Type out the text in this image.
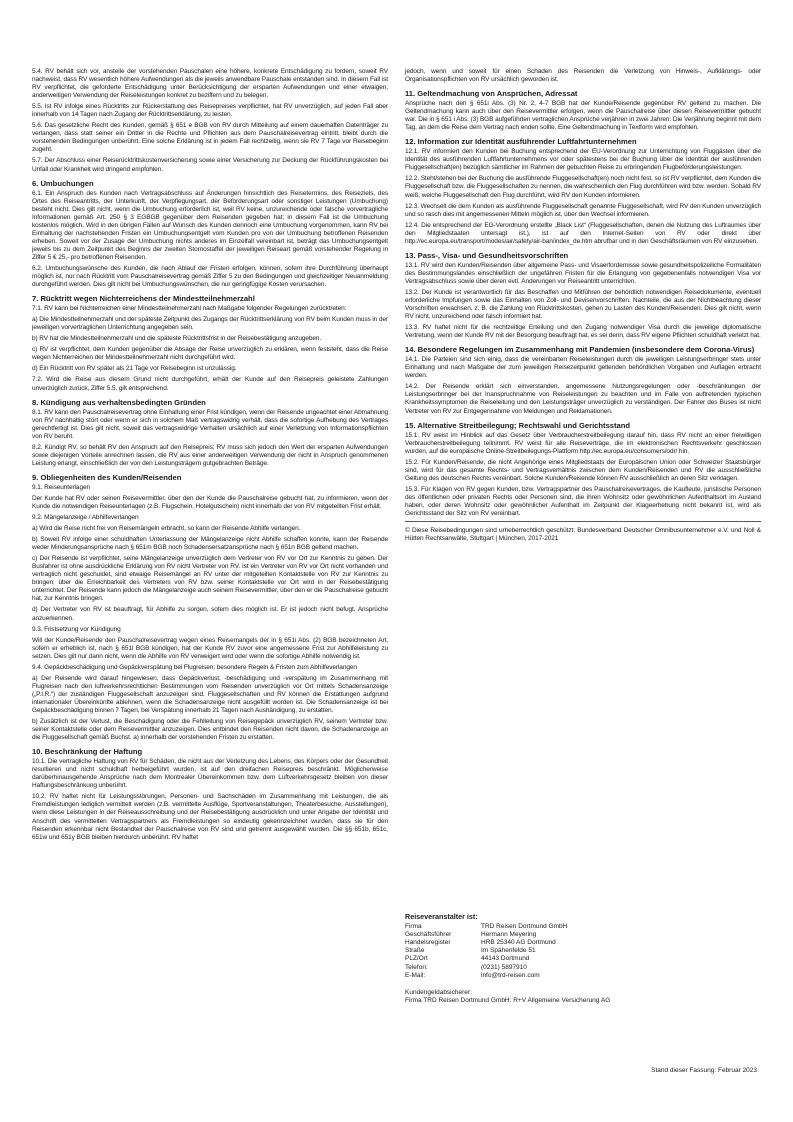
5.4. RV behält sich vor, anstelle der vorstehenden Pauschalen eine höhere, konkrete Entschädigung zu fordern, soweit RV nachweist, dass RV wesentlich höhere Aufwendungen als die jeweils anwendbare Pauschale entstanden sind. In diesem Fall ist RV verpflichtet, die geforderte Entschädigung unter Berücksichtigung der ersparten Aufwendungen und einer etwaigen, anderweitigen Verwendung der Reiseleistungen konkret zu beziffern und zu belegen.

5.5. Ist RV infolge eines Rücktritts zur Rückerstattung des Reisepreises verpflichtet, hat RV unverzüglich, auf jeden Fall aber innerhalb von 14 Tagen nach Zugang der Rücktrittserklärung, zu leisten.

5.6. Das gesetzliche Recht des Kunden, gemäß § 651 e BGB von RV durch Mitteilung auf einem dauerhaften Datenträger zu verlangen, dass statt seiner ein Dritter in die Rechte und Pflichten aus dem Pauschalreisevertrag eintritt, bleibt durch die vorstehenden Bedingungen unberührt. Eine solche Erklärung ist in jedem Fall rechtzeitig, wenn sie RV 7 Tage vor Reisebeginn zugeht.

5.7. Der Abschluss einer Reiserücktrittskostenversicherung sowie einer Versicherung zur Deckung der Rückführungskosten bei Unfall oder Krankheit wird dringend empfohlen.

6. Umbuchungen

6.1. Ein Anspruch des Kunden nach Vertragsabschluss auf Änderungen hinsichtlich des Reisetermins, des Reiseziels, des Ortes des Reiseantritts, der Unterkunft, der Verpflegungsart, der Beförderungsart oder sonstiger Leistungen (Umbuchung) besteht nicht. Dies gilt nicht, wenn die Umbuchung erforderlich ist, weil RV keine, unzureichende oder falsche vorvertragliche Informationen gemäß Art. 250 § 3 EGBGB gegenüber dem Reisenden gegeben hat; in diesem Fall ist die Umbuchung kostenlos möglich. Wird in den übrigen Fällen auf Wunsch des Kunden dennoch eine Umbuchung vorgenommen, kann RV bei Einhaltung der nachstehenden Fristen ein Umbuchungsentgelt vom Kunden pro von der Umbuchung betroffenen Reisenden erheben. Soweit vor der Zusage der Umbuchung nichts anderes im Einzelfall vereinbart ist, beträgt das Umbuchungsentgelt jeweils bis zu dem Zeitpunkt des Beginns der zweiten Stornostaffel der jeweiligen Reiseart gemäß vorstehender Regelung in Ziffer 5 € 25,- pro betroffenen Reisenden.

6.2. Umbuchungswünsche des Kunden, die nach Ablauf der Fristen erfolgen, können, sofern ihre Durchführung überhaupt möglich ist, nur nach Rücktritt vom Pauschalreisevertrag gemäß Ziffer 5 zu den Bedingungen und gleichzeitiger Neuanmeldung durchgeführt werden. Dies gilt nicht bei Umbuchungswünschen, die nur geringfügige Kosten verursachen.

7. Rücktritt wegen Nichterreichens der Mindestteilnehmerzahl

7.1. RV kann bei Nichterreichen einer Mindestteilnehmerzahl nach Maßgabe folgender Regelungen zurücktreten:

a) Die Mindestteilnehmerzahl und der späteste Zeitpunkt des Zugangs der Rücktrittserklärung von RV beim Kunden muss in der jeweiligen vorvertraglichen Unterrichtung angegeben sein.

b) RV hat die Mindestteilnehmerzahl und die späteste Rücktrittsfrist in der Reisebestätigung anzugeben.

c) RV ist verpflichtet, dem Kunden gegenüber die Absage der Reise unverzüglich zu erklären, wenn feststeht, dass die Reise wegen Nichterreichen der Mindestteilnehmerzahl nicht durchgeführt wird.

d) Ein Rücktritt von RV später als 21 Tage vor Reisebeginn ist unzulässig.

7.2. Wird die Reise aus diesem Grund nicht durchgeführt, erhält der Kunde auf den Reisepreis geleistete Zahlungen unverzüglich zurück, Ziffer 5.5. gilt entsprechend.

8. Kündigung aus verhaltensbedingten Gründen

8.1. RV kann den Pauschalreisevertrag ohne Einhaltung einer Frist kündigen, wenn der Reisende ungeachtet einer Abmahnung von RV nachhaltig stört oder wenn er sich in solchem Maß vertragswidrig verhält, dass die sofortige Aufhebung des Vertrages gerechtfertigt ist. Dies gilt nicht, soweit das vertragswidrige Verhalten ursächlich auf einer Verletzung von Informationspflichten von RV beruht.

8.2. Kündigt RV, so behält RV den Anspruch auf den Reisepreis; RV muss sich jedoch den Wert der ersparten Aufwendungen sowie diejenigen Vorteile anrechnen lassen, die RV aus einer anderweitigen Verwendung der nicht in Anspruch genommenen Leistung erlangt, einschließlich der von den Leistungsträgern gutgebrachten Beträge.

9. Obliegenheiten des Kunden/Reisenden

9.1. Reiseunterlagen

Der Kunde hat RV oder seinen Reisevermittler, über den der Kunde die Pauschalreise gebucht hat, zu informieren, wenn der Kunde die notwendigen Reiseunterlagen (z.B. Flugschein, Hotelgutschein) nicht innerhalb der von RV mitgeteilten Frist erhält.

9.2. Mängelanzeige / Abhilfeverlangen

a) Wird die Reise nicht frei von Reisemängeln erbracht, so kann der Reisende Abhilfe verlangen.

b) Soweit RV infolge einer schuldhaften Unterlassung der Mängelanzeige nicht Abhilfe schaffen konnte, kann der Reisende weder Minderungsansprüche nach § 651m BGB noch Schadensersatzansprüche nach § 651n BGB geltend machen.

c) Der Reisende ist verpflichtet, seine Mängelanzeige unverzüglich dem Vertreter von RV vor Ort zur Kenntnis zu geben. Der Busfahrer ist ohne ausdrückliche Erklärung von RV nicht Vertreter von RV. Ist ein Vertreter von RV vor Ort nicht vorhanden und vertraglich nicht geschuldet, sind etwaige Reisemängel an RV unter der mitgeteilten Kontaktstelle von RV zur Kenntnis zu bringen; über die Erreichbarkeit des Vertreters von RV bzw. seiner Kontaktstelle vor Ort wird in der Reisebestätigung unterrichtet. Der Reisende kann jedoch die Mängelanzeige auch seinem Reisevermittler, über den er die Pauschalreise gebucht hat, zur Kenntnis bringen.

d) Der Vertreter von RV ist beauftragt, für Abhilfe zu sorgen, sofern dies möglich ist. Er ist jedoch nicht befugt, Ansprüche anzuerkennen.

9.3. Fristsetzung vor Kündigung

Will der Kunde/Reisende den Pauschalreisevertrag wegen eines Reisemangels der in § 651i Abs. (2) BGB bezeichneten Art, sofern er erheblich ist, nach § 651l BGB kündigen, hat der Kunde RV zuvor eine angemessene Frist zur Abhilfeleistung zu setzen. Dies gilt nur dann nicht, wenn die Abhilfe von RV verweigert wird oder wenn die sofortige Abhilfe notwendig ist.

9.4. Gepäckbeschädigung und Gepäckverspätung bei Flugreisen; besondere Regeln & Fristen zum Abhilfeverlangen

a) Der Reisende wird darauf hingewiesen, dass Gepäckverlust, -beschädigung und -verspätung im Zusammenhang mit Flugreisen nach den luftverkehrsrechtlichen Bestimmungen vom Reisenden unverzüglich vor Ort mittels Schadensanzeige („P.I.R.“) der zuständigen Fluggesellschaft anzuzeigen sind. Fluggesellschaften und RV können die Erstattungen aufgrund internationaler Übereinkünfte ablehnen, wenn die Schadensanzeige nicht ausgefüllt worden ist. Die Schadensanzeige ist bei Gepäckbeschädigung binnen 7 Tagen, bei Verspätung innerhalb 21 Tagen nach Aushändigung, zu erstatten.

b) Zusätzlich ist der Verlust, die Beschädigung oder die Fehlleitung von Reisegepäck unverzüglich RV, seinem Vertreter bzw. seiner Kontaktstelle oder dem Reisevermittler anzuzeigen. Dies entbindet den Reisenden nicht davon, die Schadenanzeige an die Fluggesellschaft gemäß Buchst. a) innerhalb der vorstehenden Fristen zu erstatten.

10. Beschränkung der Haftung

10.1. Die vertragliche Haftung von RV für Schäden, die nicht aus der Verletzung des Lebens, des Körpers oder der Gesundheit resultieren und nicht schuldhaft herbeigeführt wurden, ist auf den dreifachen Reisepreis beschränkt. Möglicherweise darüberhinausgehende Ansprüche nach dem Montrealer Übereinkommen bzw. dem Luftverkehrsgesetz bleiben von dieser Haftungsbeschränkung unberührt.

10.2. RV haftet nicht für Leistungsstörungen, Personen- und Sachschäden im Zusammenhang mit Leistungen, die als Fremdleistungen lediglich vermittelt werden (z.B. vermittelte Ausflüge, Sportveranstaltungen, Theaterbesuche, Ausstellungen), wenn diese Leistungen in der Reiseausschreibung und der Reisebestätigung ausdrücklich und unter Angabe der Identität und Anschrift des vermittelten Vertragspartners als Fremdleistungen so eindeutig gekennzeichnet wurden, dass sie für den Reisenden erkennbar nicht Bestandteil der Pauschalreise von RV sind und getrennt ausgewählt wurden. Die §§ 651b, 651c, 651w und 651y BGB bleiben hierdurch unberührt. RV haftet

jedoch, wenn und soweit für einen Schaden des Reisenden die Verletzung von Hinweis-, Aufklärungs- oder Organisationspflichten von RV ursächlich geworden ist.

11. Geltendmachung von Ansprüchen, Adressat

Ansprüche nach den § 651i Abs. (3) Nr. 2, 4-7 BGB hat der Kunde/Reisende gegenüber RV geltend zu machen. Die Geltendmachung kann auch über den Reisevermittler erfolgen, wenn die Pauschalreise über diesen Reisevermittler gebucht war. Die in § 651 i Abs. (3) BGB aufgeführten vertraglichen Ansprüche verjähren in zwei Jahren. Die Verjährung beginnt mit dem Tag, an dem die Reise dem Vertrag nach enden sollte. Eine Geltendmachung in Textform wird empfohlen.

12. Information zur Identität ausführender Luftfahrtunternehmen

12.1. RV informiert den Kunden bei Buchung entsprechend der EU-Verordnung zur Unterrichtung von Fluggästen über die Identität des ausführenden Luftfahrtunternehmens vor oder spätestens bei der Buchung über die Identität der ausführenden Fluggesellschaft(en) bezüglich sämtlicher im Rahmen der gebuchten Reise zu erbringenden Flugbeförderungsleistungen.

12.2. Steht/stehen bei der Buchung die ausführende Fluggesellschaft(en) noch nicht fest, so ist RV verpflichtet, dem Kunden die Fluggesellschaft bzw. die Fluggesellschaften zu nennen, die wahrscheinlich den Flug durchführen wird bzw. werden. Sobald RV weiß, welche Fluggesellschaft den Flug durchführt, wird RV den Kunden informieren.

12.3. Wechselt die dem Kunden als ausführende Fluggesellschaft genannte Fluggesellschaft, wird RV den Kunden unverzüglich und so rasch dies mit angemessenen Mitteln möglich ist, über den Wechsel informieren.

12.4. Die entsprechend der EG-Verordnung erstellte „Black List“ (Fluggesellschaften, denen die Nutzung des Luftraumes über den Mitgliedstaaten untersagt ist.), ist auf den Internet-Seiten von RV oder direkt über http://ec.europa.eu/transport/modes/air/safety/air-ban/index_de.htm abrufbar und in den Geschäftsräumen von RV einzusehen.

13. Pass-, Visa- und Gesundheitsvorschriften

13.1. RV wird den Kunden/Reisenden über allgemeine Pass- und Visaerfordernisse sowie gesundheitspolizeiliche Formalitäten des Bestimmungslandes einschließlich der ungefähren Fristen für die Erlangung von gegebenenfalls notwendigen Visa vor Vertragsabschluss sowie über deren evtl. Änderungen vor Reiseantritt unterrichten.

13.2. Der Kunde ist verantwortlich für das Beschaffen und Mitführen der behördlich notwendigen Reisedokumente, eventuell erforderliche Impfungen sowie das Einhalten von Zoll- und Devisenvorschriften. Nachteile, die aus der Nichtbeachtung dieser Vorschriften erwachsen, z. B. die Zahlung von Rücktrittskosten, gehen zu Lasten des Kunden/Reisenden. Dies gilt nicht, wenn RV nicht, unzureichend oder falsch informiert hat.

13.3. RV haftet nicht für die rechtzeitige Erteilung und den Zugang notwendiger Visa durch die jeweilige diplomatische Vertretung, wenn der Kunde RV mit der Besorgung beauftragt hat, es sei denn, dass RV eigene Pflichten schuldhaft verletzt hat.

14. Besondere Regelungen im Zusammenhang mit Pandemien (insbesondere dem Corona-Virus)

14.1. Die Parteien sind sich einig, dass die vereinbarten Reiseleistungen durch die jeweiligen Leistungserbringer stets unter Einhaltung und nach Maßgabe der zum jeweiligen Reisezeitpunkt geltenden behördlichen Vorgaben und Auflagen erbracht werden.

14.2. Der Reisende erklärt sich einverstanden, angemessene Nutzungsregelungen oder -beschränkungen der Leistungserbringer bei der Inanspruchnahme von Reiseleistungen zu beachten und im Falle von auftretenden typischen Krankheitssymptomen die Reiseleitung und den Leistungsträger unverzüglich zu verständigen. Der Fahrer des Buses ist nicht Vertreter von RV zur Entgegennahme von Meldungen und Reklamationen.

15. Alternative Streitbeilegung; Rechtswahl und Gerichtsstand

15.1. RV weist im Hinblick auf das Gesetz über Verbraucherstreitbeilegung darauf hin, dass RV nicht an einer freiwilligen Verbraucherstreitbeilegung teilnimmt. RV weist für alle Reiseverträge, die im elektronischen Rechtsverkehr geschlossen wurden, auf die europäische Online-Streitbeilegungs-Plattform http://ec.europa.eu/consumers/odr/ hin.

15.2. Für Kunden/Reisende, die nicht Angehörige eines Mitgliedstaats der Europäischen Union oder Schweizer Staatsbürger sind, wird für das gesamte Rechts- und Vertragsverhältnis zwischen dem Kunden/Reisenden und RV die ausschließliche Geltung des deutschen Rechts vereinbart. Solche Kunden/Reisende können RV ausschließlich an deren Sitz verklagen.

15.3. Für Klagen von RV gegen Kunden, bzw. Vertragspartner des Pauschalreisevertrages, die Kaufleute, juristische Personen des öffentlichen oder privaten Rechts oder Personen sind, die ihren Wohnsitz oder gewöhnlichen Aufenthaltsort im Ausland haben, oder deren Wohnsitz oder gewöhnlicher Aufenthalt im Zeitpunkt der Klageerhebung nicht bekannt ist, wird als Gerichtsstand der Sitz von RV vereinbart.

© Diese Reisebedingungen sind urheberrechtlich geschützt; Bundesverband Deutscher Omnibusunternehmer e.V. und Noll & Hütten Rechtsanwälte, Stuttgart | München, 2017-2021

Reiseveranstalter ist:
Firma	TRD Reisen Dortmund GmbH
Geschäftsführer	Hermann Meyering
Handelsregister	HRB 25340 AG Dortmund
Straße	Im Spähenfelde 51
PLZ/Ort	44143 Dortmund
Telefon:	(0231) 5897910
E-Mail:	info@trd-reisen.com
Kundengeldabsicherer:
Firma TRD Reisen Dortmund GmbH: R+V Allgemeine Versicherung AG
Stand dieser Fassung: Februar 2023
